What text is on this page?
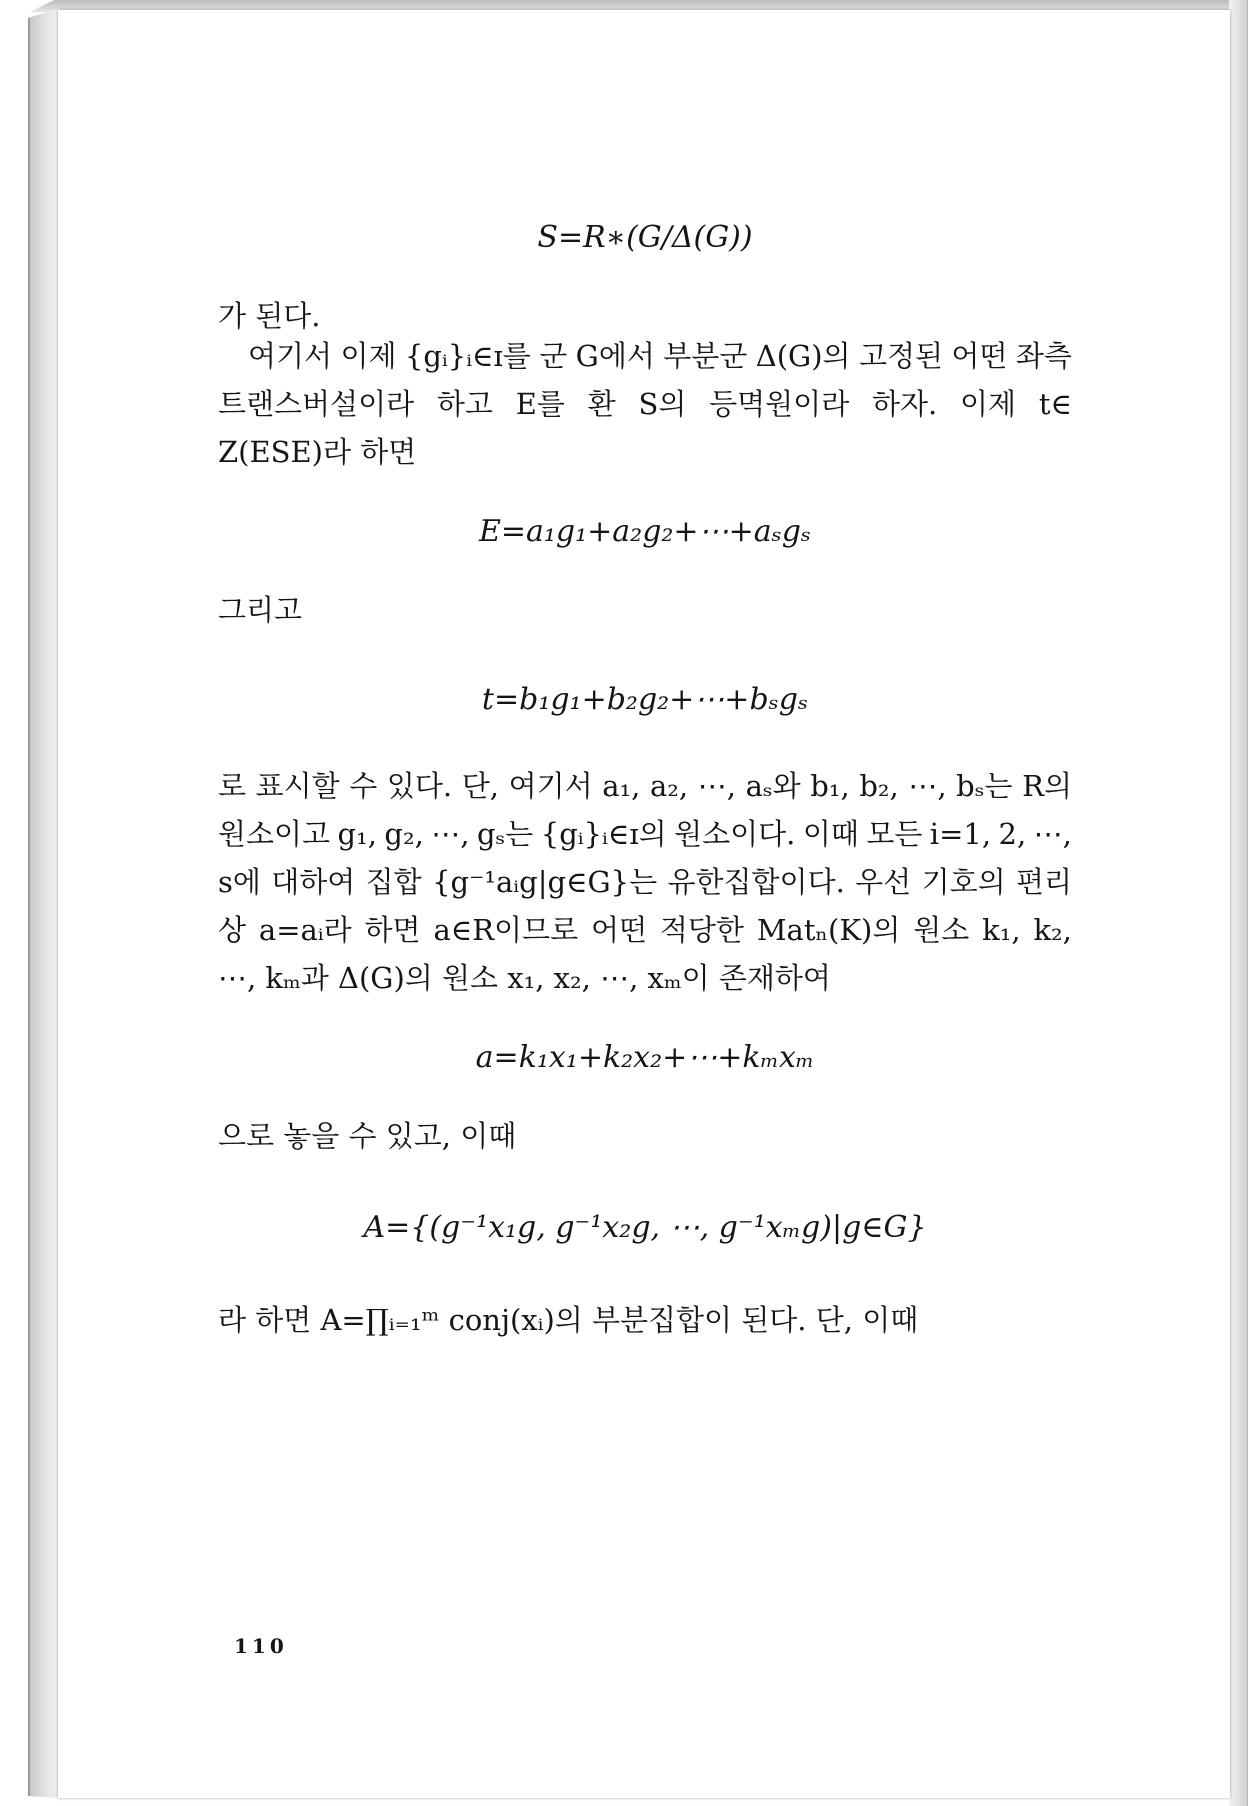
S=R∗(G/Δ(G))
가 된다.
여기서 이제 {gᵢ}ᵢ∈ɪ를 군 G에서 부분군 Δ(G)의 고정된 어떤 좌측
트랜스버설이라 하고 E를 환 S의 등멱원이라 하자. 이제 t∈
Z(ESE)라 하면
E=a₁g₁+a₂g₂+⋯+aₛgₛ
그리고
t=b₁g₁+b₂g₂+⋯+bₛgₛ
로 표시할 수 있다. 단, 여기서 a₁, a₂, ⋯, aₛ와 b₁, b₂, ⋯, bₛ는 R의
원소이고 g₁, g₂, ⋯, gₛ는 {gᵢ}ᵢ∈ɪ의 원소이다. 이때 모든 i=1, 2, ⋯,
s에 대하여 집합 {g⁻¹aᵢg|g∈G}는 유한집합이다. 우선 기호의 편리
상 a=aᵢ라 하면 a∈R이므로 어떤 적당한 Matₙ(K)의 원소 k₁, k₂,
⋯, kₘ과 Δ(G)의 원소 x₁, x₂, ⋯, xₘ이 존재하여
a=k₁x₁+k₂x₂+⋯+kₘxₘ
으로 놓을 수 있고, 이때
A={(g⁻¹x₁g, g⁻¹x₂g, ⋯, g⁻¹xₘg)|g∈G}
라 하면 A=∏ᵢ₌₁ᵐ conj(xᵢ)의 부분집합이 된다. 단, 이때
110
